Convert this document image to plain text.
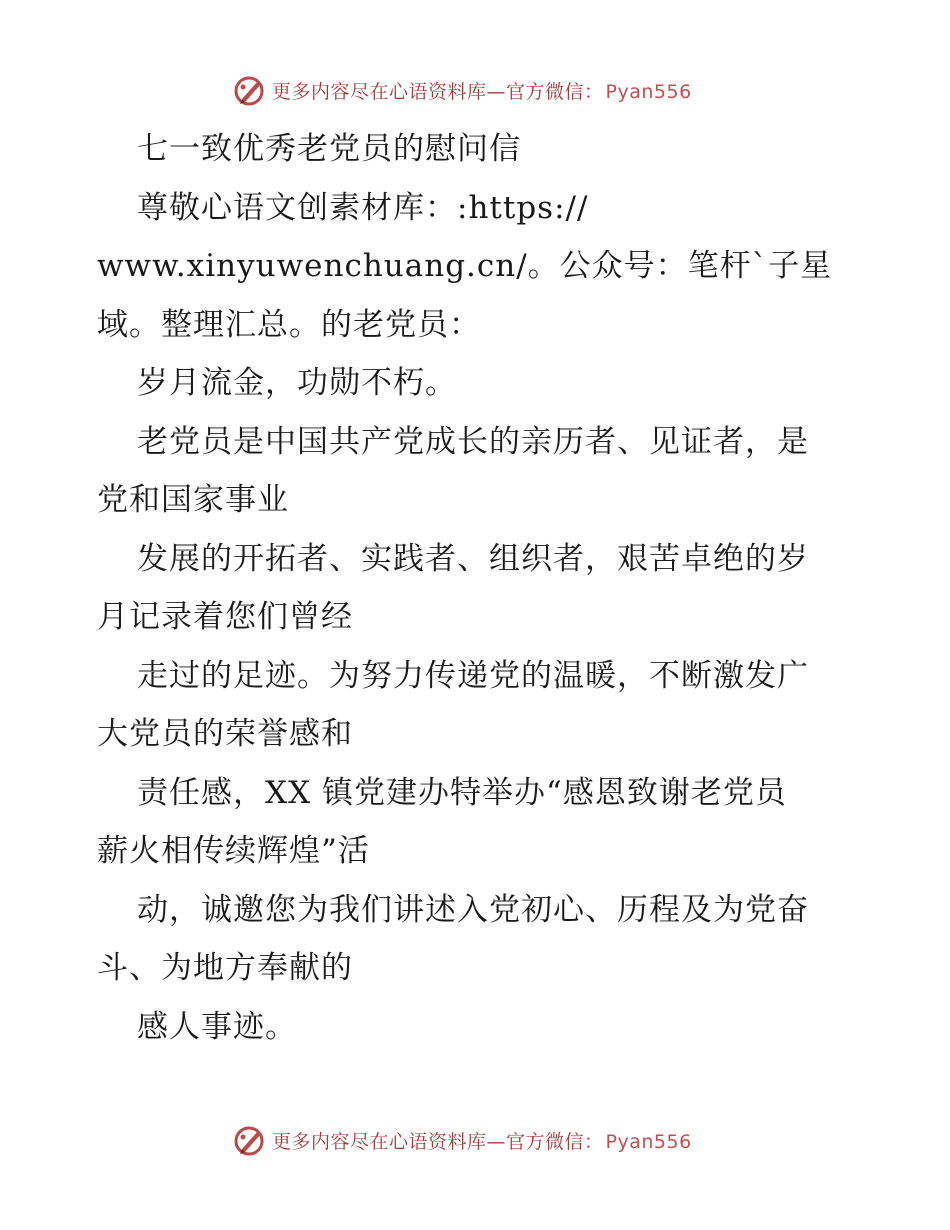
更多内容尽在心语资料库—官方微信： Pyan556
七一致优秀老党员的慰问信
尊敬心语文创素材库：:https://
www.xinyuwenchuang.cn/。公众号：笔杆`子星
域。整理汇总。的老党员：
岁月流金，功勋不朽。
老党员是中国共产党成长的亲历者、见证者，是
党和国家事业
发展的开拓者、实践者、组织者，艰苦卓绝的岁
月记录着您们曾经
走过的足迹。为努力传递党的温暖，不断激发广
大党员的荣誉感和
责任感，XX 镇党建办特举办“感恩致谢老党员
薪火相传续辉煌”活
动，诚邀您为我们讲述入党初心、历程及为党奋
斗、为地方奉献的
感人事迹。
更多内容尽在心语资料库—官方微信： Pyan556
